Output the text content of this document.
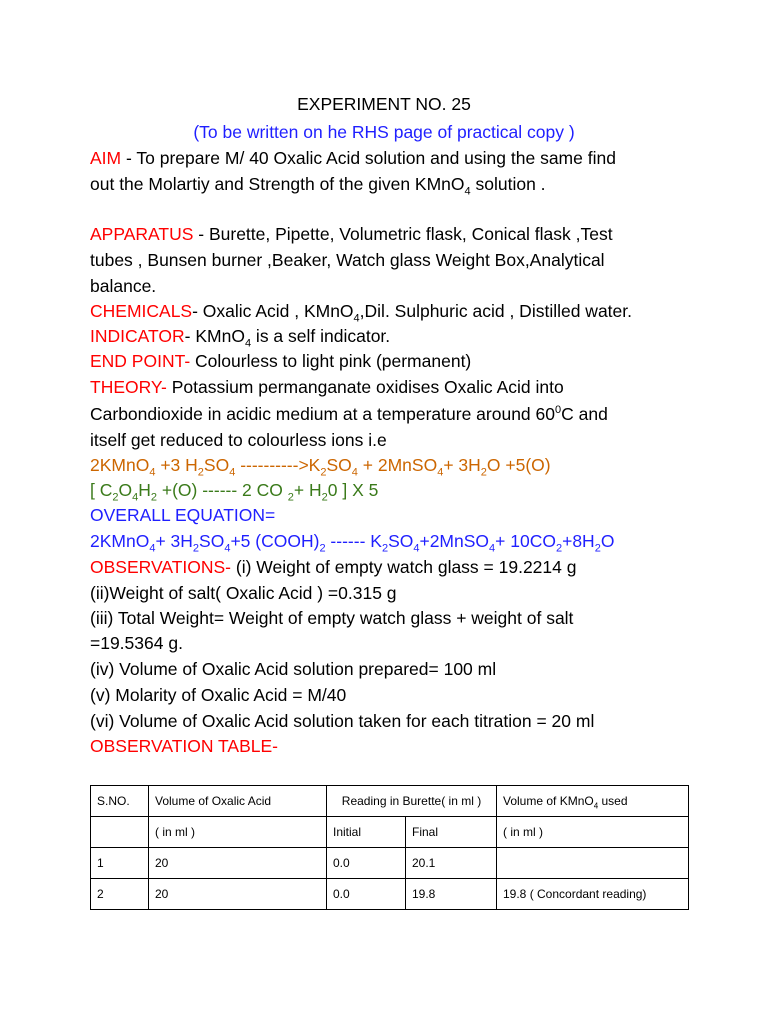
EXPERIMENT NO. 25
(To be written on he RHS page of practical copy )
AIM - To prepare M/ 40 Oxalic Acid solution and using the same find
out the Molartiy and Strength of the given KMnO$_4$ solution .
APPARATUS - Burette, Pipette, Volumetric flask, Conical flask ,Test
tubes , Bunsen burner ,Beaker, Watch glass Weight Box,Analytical
balance.
CHEMICALS- Oxalic Acid , KMnO$_4$,Dil. Sulphuric acid , Distilled water.
INDICATOR- KMnO$_4$ is a self indicator.
END POINT- Colourless to light pink (permanent)
THEORY- Potassium permanganate oxidises Oxalic Acid into
Carbondioxide in acidic medium at a temperature around $60^0C$ and
itself get reduced to colourless ions i.e
2KMnO$_4$ +3 $H_2SO_4$ $---------->K_2SO_4$ + 2MnSO$_4$+ $3H_2O +5(O)$
[ $C_2O_4H_2 +(O)$ ------ 2 CO $_2+ H_20$ ] X 5
OVERALL EQUATION=
2KMnO$_4$+ $3H_2SO_4+5$ $(COOH)_2$ ------ $K_2SO_4+2MnSO_4+ 10CO_2+8H_2O$
OBSERVATIONS- (i) Weight of empty watch glass = 19.2214 g
(ii)Weight of salt( Oxalic Acid ) =0.315 g
(iii) Total Weight= Weight of empty watch glass + weight of salt
=19.5364 g.
(iv) Volume of Oxalic Acid solution prepared= 100 ml
(v) Molarity of Oxalic Acid = M/40
(vi) Volume of Oxalic Acid solution taken for each titration = 20 ml
OBSERVATION TABLE-
S.NO.	Volume of Oxalic Acid	Reading in Burette( in ml )		Volume of KMnO$_4$ used
	( in ml )	Initial	Final	( in ml )
1	20	0.0	20.1	
2	20	0.0	19.8	19.8 ( Concordant reading)
